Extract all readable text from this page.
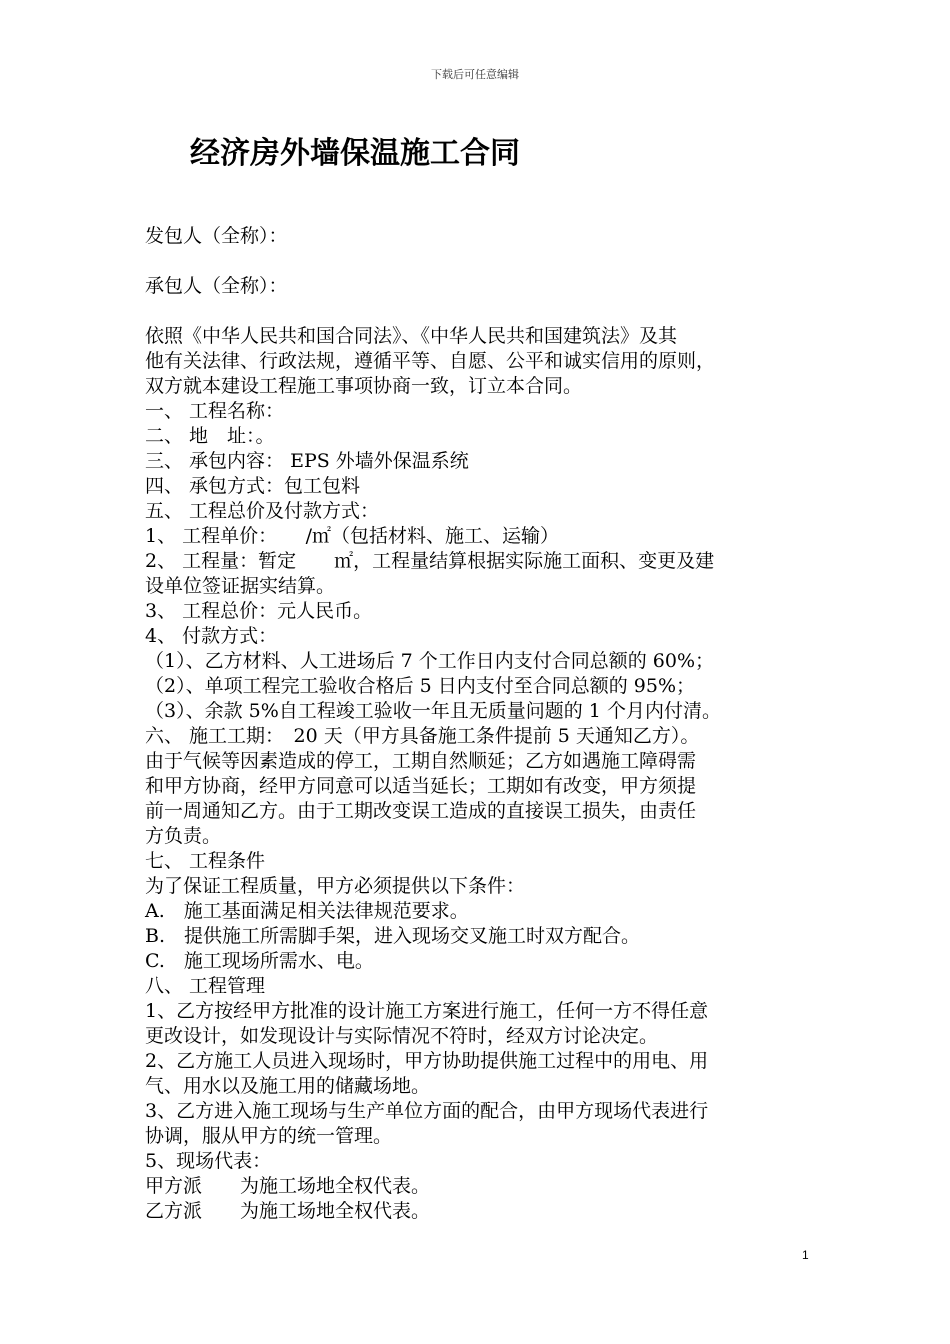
下载后可任意编辑
经济房外墙保温施工合同
发包人（全称）：
承包人（全称）：
依照《中华人民共和国合同法》、《中华人民共和国建筑法》及其
他有关法律、行政法规，遵循平等、自愿、公平和诚实信用的原则，
双方就本建设工程施工事项协商一致，订立本合同。
一、 工程名称：
二、 地　址：。
三、 承包内容： EPS 外墙外保温系统
四、 承包方式：包工包料
五、 工程总价及付款方式：
1、 工程单价：　　/㎡（包括材料、施工、运输）
2、 工程量：暂定　　㎡，工程量结算根据实际施工面积、变更及建
设单位签证据实结算。
3、 工程总价：元人民币。
4、 付款方式：
（1）、乙方材料、人工进场后 7 个工作日内支付合同总额的 60%；
（2）、单项工程完工验收合格后 5 日内支付至合同总额的 95%；
（3）、余款 5%自工程竣工验收一年且无质量问题的 1 个月内付清。
六、 施工工期：　20 天（甲方具备施工条件提前 5 天通知乙方）。
由于气候等因素造成的停工，工期自然顺延；乙方如遇施工障碍需
和甲方协商，经甲方同意可以适当延长；工期如有改变，甲方须提
前一周通知乙方。由于工期改变误工造成的直接误工损失，由责任
方负责。
七、 工程条件
为了保证工程质量，甲方必须提供以下条件：
A.　施工基面满足相关法律规范要求。
B.　提供施工所需脚手架，进入现场交叉施工时双方配合。
C.　施工现场所需水、电。
八、 工程管理
1、乙方按经甲方批准的设计施工方案进行施工，任何一方不得任意
更改设计，如发现设计与实际情况不符时，经双方讨论决定。
2、乙方施工人员进入现场时，甲方协助提供施工过程中的用电、用
气、用水以及施工用的储藏场地。
3、乙方进入施工现场与生产单位方面的配合，由甲方现场代表进行
协调，服从甲方的统一管理。
5、现场代表：
甲方派　　为施工场地全权代表。
乙方派　　为施工场地全权代表。
1
